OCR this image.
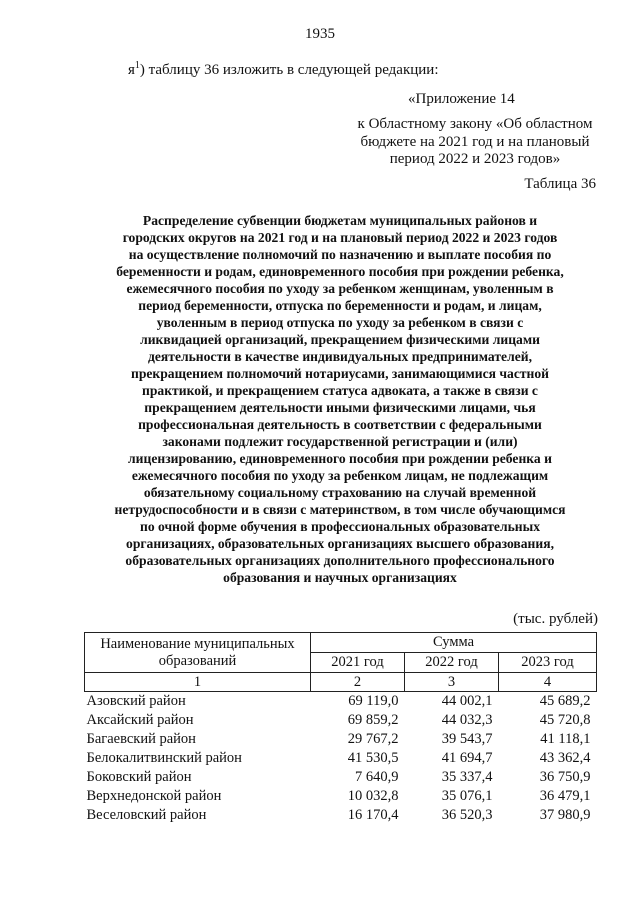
1935
$я^1$) таблицу 36 изложить в следующей редакции:
«Приложение 14
к Областному закону «Об областном
бюджете на 2021 год и на плановый
период 2022 и 2023 годов»
Таблица 36
Распределение субвенции бюджетам муниципальных районов и
городских округов на 2021 год и на плановый период 2022 и 2023 годов
на осуществление полномочий по назначению и выплате пособия по
беременности и родам, единовременного пособия при рождении ребенка,
ежемесячного пособия по уходу за ребенком женщинам, уволенным в
период беременности, отпуска по беременности и родам, и лицам,
уволенным в период отпуска по уходу за ребенком в связи с
ликвидацией организаций, прекращением физическими лицами
деятельности в качестве индивидуальных предпринимателей,
прекращением полномочий нотариусами, занимающимися частной
практикой, и прекращением статуса адвоката, а также в связи с
прекращением деятельности иными физическими лицами, чья
профессиональная деятельность в соответствии с федеральными
законами подлежит государственной регистрации и (или)
лицензированию, единовременного пособия при рождении ребенка и
ежемесячного пособия по уходу за ребенком лицам, не подлежащим
обязательному социальному страхованию на случай временной
нетрудоспособности и в связи с материнством, в том числе обучающимся
по очной форме обучения в профессиональных образовательных
организациях, образовательных организациях высшего образования,
образовательных организациях дополнительного профессионального
образования и научных организациях
(тыс. рублей)
Наименование муниципальных
образований	Сумма		
	2021 год	2022 год	2023 год
1	2	3	4
Азовский район	69 119,0	44 002,1	45 689,2
Аксайский район	69 859,2	44 032,3	45 720,8
Багаевский район	29 767,2	39 543,7	41 118,1
Белокалитвинский район	41 530,5	41 694,7	43 362,4
Боковский район	7 640,9	35 337,4	36 750,9
Верхнедонской район	10 032,8	35 076,1	36 479,1
Веселовский район	16 170,4	36 520,3	37 980,9
